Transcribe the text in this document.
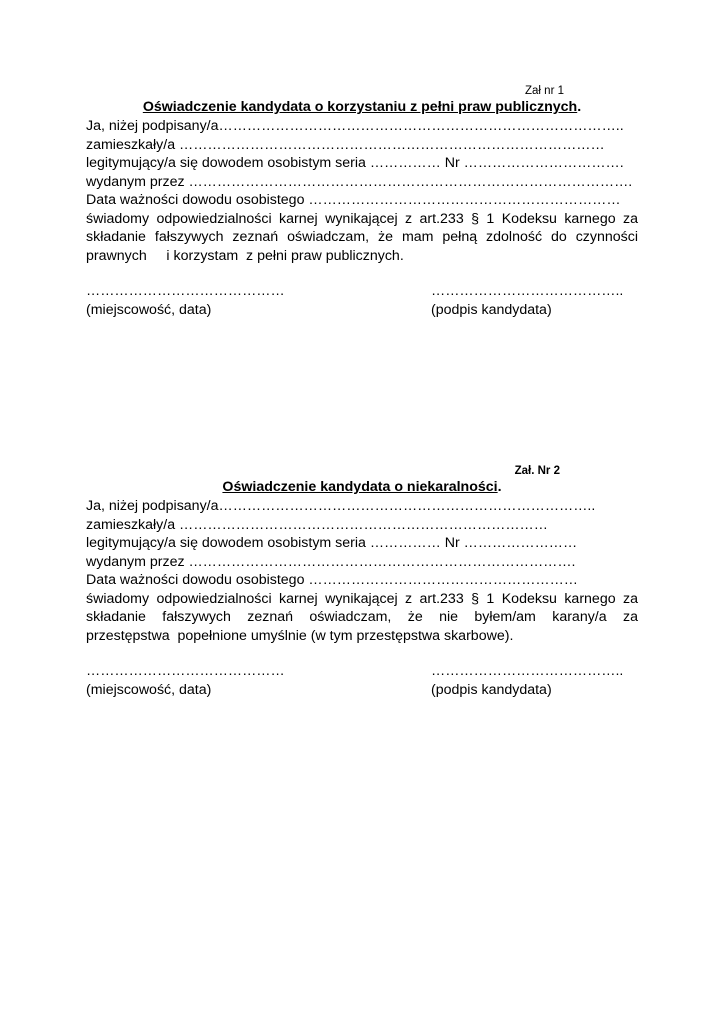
Zał nr 1
Oświadczenie kandydata o korzystaniu z pełni praw publicznych.
Ja, niżej podpisany/a…………………………………………………………………………..
zamieszkały/a ………………………………………………………………………………
legitymujący/a się dowodem osobistym seria …………… Nr …………………………….
wydanym przez ………………………………………………………………………………….
Data ważności dowodu osobistego …………………………………………………………
świadomy odpowiedzialności karnej wynikającej z art.233 § 1 Kodeksu karnego za
składanie fałszywych zeznań oświadczam, że mam pełną zdolność do czynności
prawnych     i korzystam  z pełni praw publicznych.
……………………………………
(miejscowość, data)
…………………………………..
(podpis kandydata)
Zał. Nr 2
Oświadczenie kandydata o niekaralności.
Ja, niżej podpisany/a……………………………………………………………………..
zamieszkały/a ……………………………………………………………………
legitymujący/a się dowodem osobistym seria …………… Nr ……………………
wydanym przez ……………………………………………………………………….
Data ważności dowodu osobistego …………………………………………………
świadomy odpowiedzialności karnej wynikającej z art.233 § 1 Kodeksu karnego za
składanie fałszywych zeznań oświadczam, że nie byłem/am karany/a za
przestępstwa  popełnione umyślnie (w tym przestępstwa skarbowe).
……………………………………
(miejscowość, data)
…………………………………..
(podpis kandydata)
